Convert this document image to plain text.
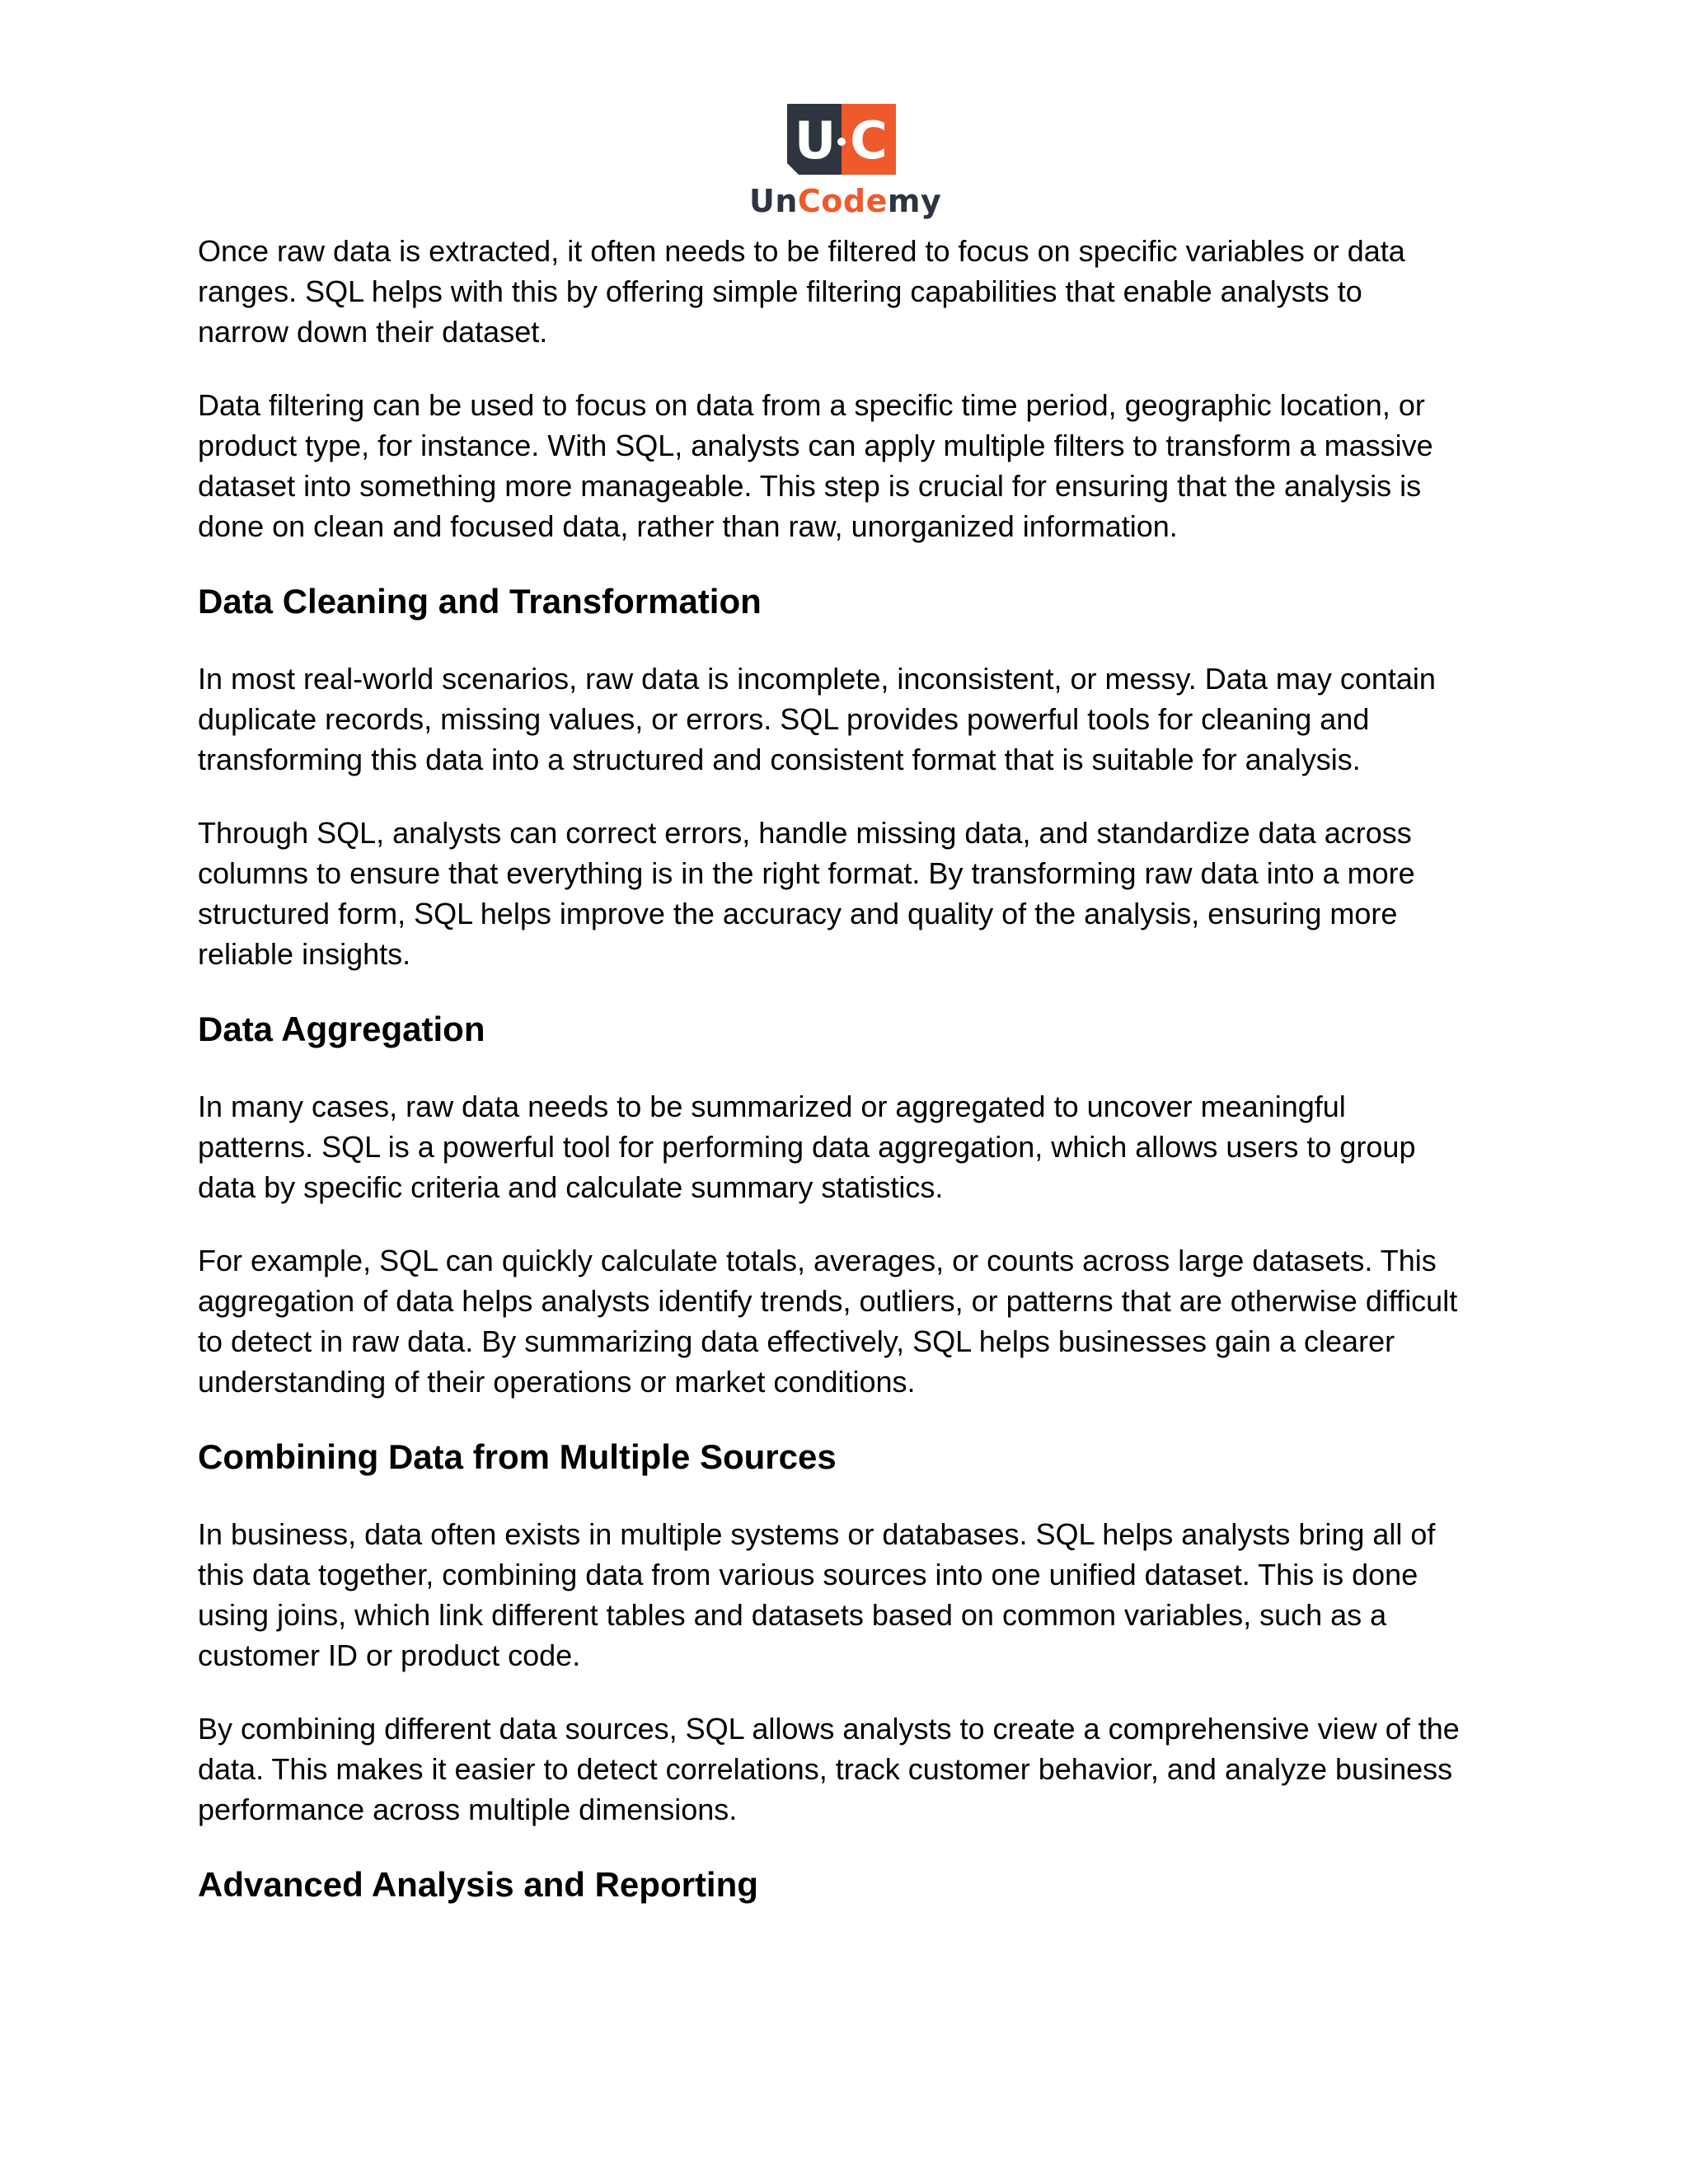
U C
UnCodemy

Once raw data is extracted, it often needs to be filtered to focus on specific variables or data
ranges. SQL helps with this by offering simple filtering capabilities that enable analysts to
narrow down their dataset.

Data filtering can be used to focus on data from a specific time period, geographic location, or
product type, for instance. With SQL, analysts can apply multiple filters to transform a massive
dataset into something more manageable. This step is crucial for ensuring that the analysis is
done on clean and focused data, rather than raw, unorganized information.

Data Cleaning and Transformation

In most real-world scenarios, raw data is incomplete, inconsistent, or messy. Data may contain
duplicate records, missing values, or errors. SQL provides powerful tools for cleaning and
transforming this data into a structured and consistent format that is suitable for analysis.

Through SQL, analysts can correct errors, handle missing data, and standardize data across
columns to ensure that everything is in the right format. By transforming raw data into a more
structured form, SQL helps improve the accuracy and quality of the analysis, ensuring more
reliable insights.

Data Aggregation

In many cases, raw data needs to be summarized or aggregated to uncover meaningful
patterns. SQL is a powerful tool for performing data aggregation, which allows users to group
data by specific criteria and calculate summary statistics.

For example, SQL can quickly calculate totals, averages, or counts across large datasets. This
aggregation of data helps analysts identify trends, outliers, or patterns that are otherwise difficult
to detect in raw data. By summarizing data effectively, SQL helps businesses gain a clearer
understanding of their operations or market conditions.

Combining Data from Multiple Sources

In business, data often exists in multiple systems or databases. SQL helps analysts bring all of
this data together, combining data from various sources into one unified dataset. This is done
using joins, which link different tables and datasets based on common variables, such as a
customer ID or product code.

By combining different data sources, SQL allows analysts to create a comprehensive view of the
data. This makes it easier to detect correlations, track customer behavior, and analyze business
performance across multiple dimensions.

Advanced Analysis and Reporting
